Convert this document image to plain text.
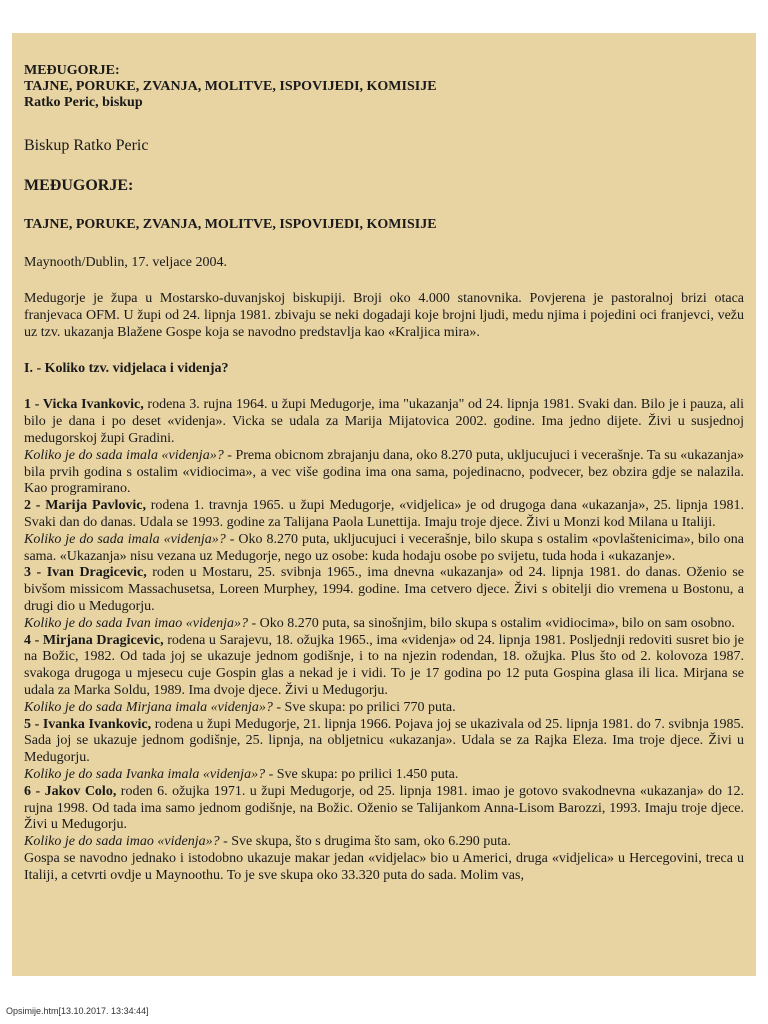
MEĐUGORJE:
TAJNE, PORUKE, ZVANJA, MOLITVE, ISPOVIJEDI, KOMISIJE
Ratko Peric, biskup
Biskup Ratko Peric
MEĐUGORJE:
TAJNE, PORUKE, ZVANJA, MOLITVE, ISPOVIJEDI, KOMISIJE
Maynooth/Dublin, 17. veljace 2004.

Medugorje je župa u Mostarsko-duvanjskoj biskupiji. Broji oko 4.000 stanovnika. Povjerena je pastoralnoj brizi otaca franjevaca OFM. U župi od 24. lipnja 1981. zbivaju se neki dogadaji koje brojni ljudi, medu njima i pojedini oci franjevci, vežu uz tzv. ukazanja Blažene Gospe koja se navodno predstavlja kao «Kraljica mira».

I. - Koliko tzv. vidjelaca i videnja?

1 - Vicka Ivankovic, rodena 3. rujna 1964. u župi Medugorje, ima "ukazanja" od 24. lipnja 1981. Svaki dan. Bilo je i pauza, ali bilo je dana i po deset «videnja». Vicka se udala za Marija Mijatovica 2002. godine. Ima jedno dijete. Živi u susjednoj medugorskoj župi Gradini.

Koliko je do sada imala «videnja»? - Prema obicnom zbrajanju dana, oko 8.270 puta, ukljucujuci i vecerašnje. Ta su «ukazanja» bila prvih godina s ostalim «vidiocima», a vec više godina ima ona sama, pojedinacno, podvecer, bez obzira gdje se nalazila. Kao programirano.

2 - Marija Pavlovic, rodena 1. travnja 1965. u župi Medugorje, «vidjelica» je od drugoga dana «ukazanja», 25. lipnja 1981. Svaki dan do danas. Udala se 1993. godine za Talijana Paola Lunettija. Imaju troje djece. Živi u Monzi kod Milana u Italiji.

Koliko je do sada imala «videnja»? - Oko 8.270 puta, ukljucujuci i vecerašnje, bilo skupa s ostalim «povlaštenicima», bilo ona sama. «Ukazanja» nisu vezana uz Medugorje, nego uz osobe: kuda hodaju osobe po svijetu, tuda hoda i «ukazanje».

3 - Ivan Dragicevic, roden u Mostaru, 25. svibnja 1965., ima dnevna «ukazanja» od 24. lipnja 1981. do danas. Oženio se bivšom missicom Massachusetsa, Loreen Murphey, 1994. godine. Ima cetvero djece. Živi s obitelji dio vremena u Bostonu, a drugi dio u Medugorju.

Koliko je do sada Ivan imao «videnja»? - Oko 8.270 puta, sa sinošnjim, bilo skupa s ostalim «vidiocima», bilo on sam osobno.

4 - Mirjana Dragicevic, rodena u Sarajevu, 18. ožujka 1965., ima «videnja» od 24. lipnja 1981. Posljednji redoviti susret bio je na Božic, 1982. Od tada joj se ukazuje jednom godišnje, i to na njezin rodendan, 18. ožujka. Plus što od 2. kolovoza 1987. svakoga drugoga u mjesecu cuje Gospin glas a nekad je i vidi. To je 17 godina po 12 puta Gospina glasa ili lica. Mirjana se udala za Marka Soldu, 1989. Ima dvoje djece. Živi u Medugorju.

Koliko je do sada Mirjana imala «videnja»? - Sve skupa: po prilici 770 puta.

5 - Ivanka Ivankovic, rodena u župi Medugorje, 21. lipnja 1966. Pojava joj se ukazivala od 25. lipnja 1981. do 7. svibnja 1985. Sada joj se ukazuje jednom godišnje, 25. lipnja, na obljetnicu «ukazanja». Udala se za Rajka Eleza. Ima troje djece. Živi u Medugorju.

Koliko je do sada Ivanka imala «videnja»? - Sve skupa: po prilici 1.450 puta.

6 - Jakov Colo, roden 6. ožujka 1971. u župi Medugorje, od 25. lipnja 1981. imao je gotovo svakodnevna «ukazanja» do 12. rujna 1998. Od tada ima samo jednom godišnje, na Božic. Oženio se Talijankom Anna-Lisom Barozzi, 1993. Imaju troje djece. Živi u Medugorju.

Koliko je do sada imao «videnja»? - Sve skupa, što s drugima što sam, oko 6.290 puta.

Gospa se navodno jednako i istodobno ukazuje makar jedan «vidjelac» bio u Americi, druga «vidjelica» u Hercegovini, treca u Italiji, a cetvrti ovdje u Maynoothu. To je sve skupa oko 33.320 puta do sada. Molim vas,

Opsimije.htm[13.10.2017. 13:34:44]
